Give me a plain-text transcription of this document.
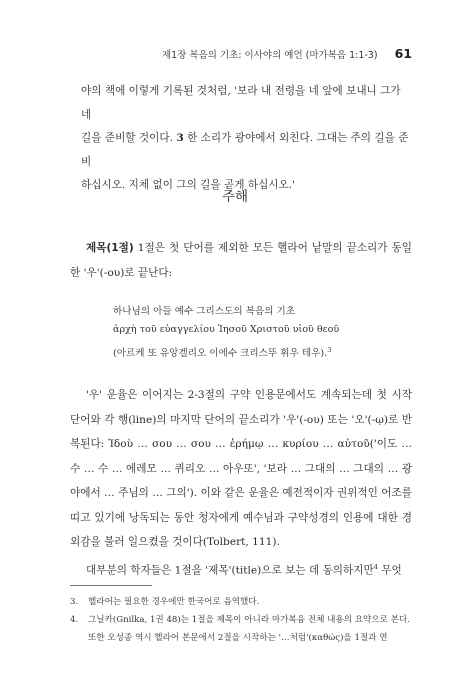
제1장 복음의 기초: 이사야의 예언 (마가복음 1:1-3) 61

야의 책에 이렇게 기록된 것처럼, '보라 내 전령을 네 앞에 보내니 그가 네

길을 준비할 것이다. 3 한 소리가 광야에서 외친다. 그대는 주의 길을 준비

하십시오. 지체 없이 그의 길을 곧게 하십시오.'

주해

제목(1절) 1절은 첫 단어를 제외한 모든 헬라어 낱말의 끝소리가 동일한 '우'(-ου)로 끝난다:

하나님의 아들 예수 그리스도의 복음의 기초
ἀρχὴ τοῦ εὐαγγελίου Ἰησοῦ Χριστοῦ υἱοῦ θεοῦ
(아르케 또 유앙겔리오 이에수 크리스뚜 휘우 테우).$^3$

'우' 운율은 이어지는 2-3절의 구약 인용문에서도 계속되는데 첫 시작 단어와 각 행(line)의 마지막 단어의 끝소리가 '우'(-ου) 또는 '오'(-ῳ)로 반복된다: Ἰδοὺ … σου … σου … ἐρήμῳ … κυρίου … αὐτοῦ('이도 … 수 … 수 … 에레모 … 퀴리오 … 아우또', '보라 … 그대의 … 그대의 … 광야에서 … 주님의 … 그의'). 이와 같은 운율은 예전적이자 권위적인 어조를 띠고 있기에 낭독되는 동안 청자에게 예수님과 구약성경의 인용에 대한 경외감을 불러 일으켰을 것이다(Tolbert, 111).

대부분의 학자들은 1절을 '제목'(title)으로 보는 데 동의하지만$^4$ 무엇

3.	헬라어는 필요한 경우에만 한국어로 음역했다.
4.	그닐카(Gnilka, 1권 48)는 1절을 제목이 아니라 마가복음 전체 내용의 요약으로 본다. 또한 오성종 역시 헬라어 본문에서 2절을 시작하는 '…처럼'(καθώς)을 1절과 연
